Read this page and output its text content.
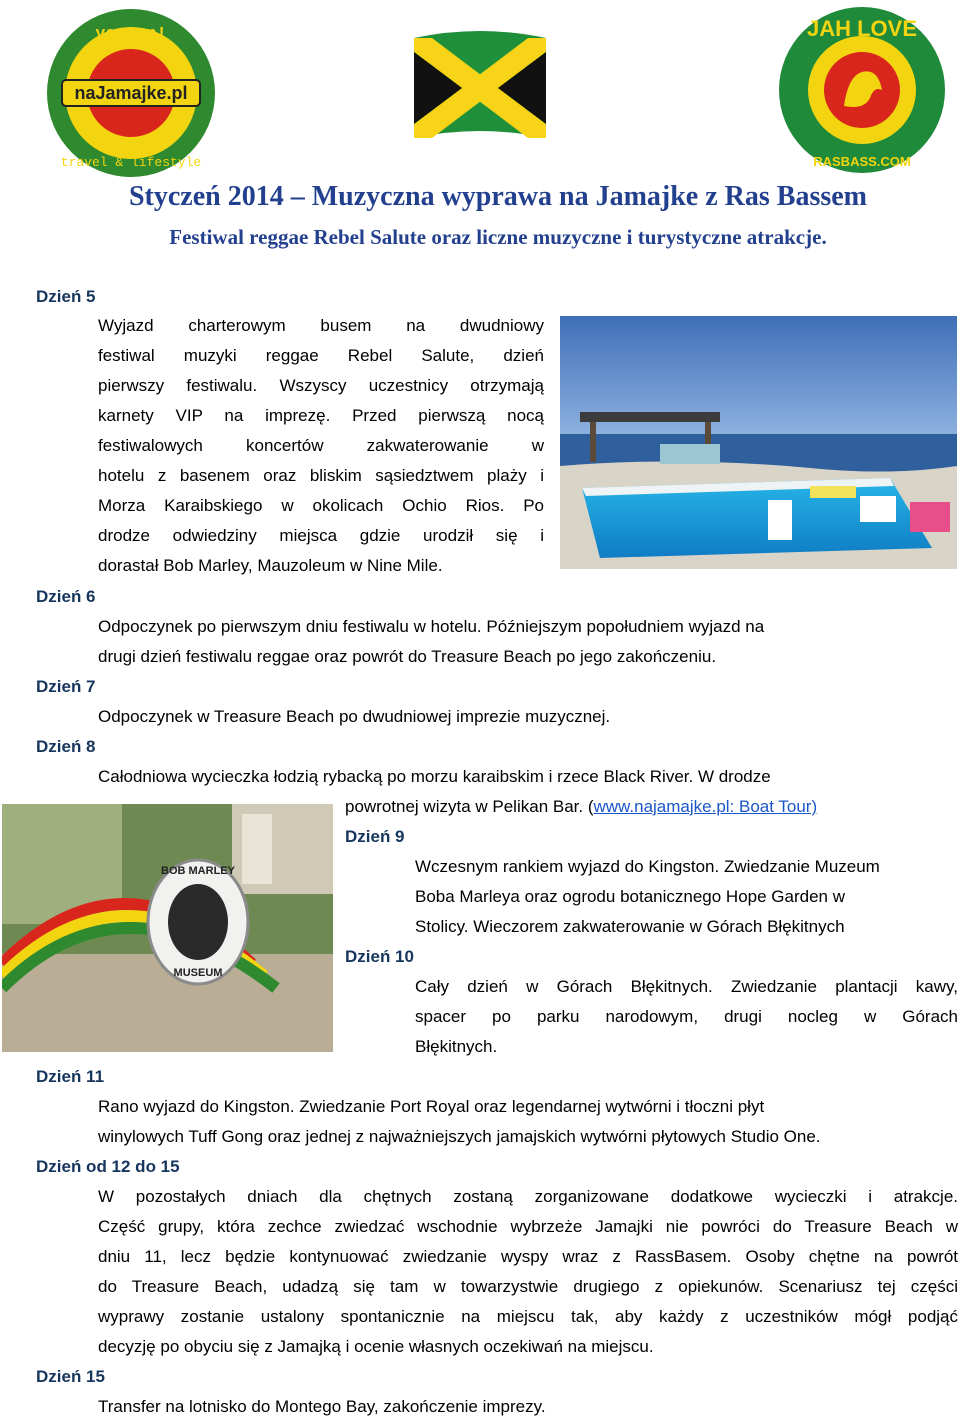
naJamajke.pl
ya mon!
travel & lifestyle
JAH LOVE
RASBASS.COM
Styczeń 2014 – Muzyczna wyprawa na Jamajke z Ras Bassem
Festiwal reggae Rebel Salute oraz liczne muzyczne i turystyczne atrakcje.
Dzień 5
Wyjazd charterowym busem na dwudniowy
festiwal muzyki reggae Rebel Salute, dzień
pierwszy festiwalu. Wszyscy uczestnicy otrzymają
karnety VIP na imprezę. Przed pierwszą nocą
festiwalowych koncertów zakwaterowanie w
hotelu z basenem oraz bliskim sąsiedztwem plaży i
Morza Karaibskiego w okolicach Ochio Rios. Po
drodze odwiedziny miejsca gdzie urodził się i
dorastał Bob Marley, Mauzoleum w Nine Mile.
Dzień 6
Odpoczynek po pierwszym dniu festiwalu w hotelu. Późniejszym popołudniem wyjazd na
drugi dzień festiwalu reggae oraz powrót do Treasure Beach po jego zakończeniu.
Dzień 7
Odpoczynek w Treasure Beach po dwudniowej imprezie muzycznej.
Dzień 8
Całodniowa wycieczka łodzią rybacką po morzu karaibskim i rzece Black River. W drodze
powrotnej wizyta w Pelikan Bar. (www.najamajke.pl: Boat Tour)
BOB MARLEY
MUSEUM
Dzień 9
Wczesnym rankiem wyjazd do Kingston. Zwiedzanie Muzeum
Boba Marleya oraz ogrodu botanicznego Hope Garden w
Stolicy. Wieczorem zakwaterowanie w Górach Błękitnych
Dzień 10
Cały dzień w Górach Błękitnych. Zwiedzanie plantacji kawy,
spacer po parku narodowym, drugi nocleg w Górach
Błękitnych.
Dzień 11
Rano wyjazd do Kingston. Zwiedzanie Port Royal oraz legendarnej wytwórni i tłoczni płyt
winylowych Tuff Gong oraz jednej z najważniejszych jamajskich wytwórni płytowych Studio One.
Dzień od 12 do 15
W pozostałych dniach dla chętnych zostaną zorganizowane dodatkowe wycieczki i atrakcje.
Część grupy, która zechce zwiedzać wschodnie wybrzeże Jamajki nie powróci do Treasure Beach w
dniu 11, lecz będzie kontynuować zwiedzanie wyspy wraz z RassBasem. Osoby chętne na powrót
do Treasure Beach, udadzą się tam w towarzystwie drugiego z opiekunów. Scenariusz tej części
wyprawy zostanie ustalony spontanicznie na miejscu tak, aby każdy z uczestników mógł podjąć
decyzję po obyciu się z Jamajką i ocenie własnych oczekiwań na miejscu.
Dzień 15
Transfer na lotnisko do Montego Bay, zakończenie imprezy.
